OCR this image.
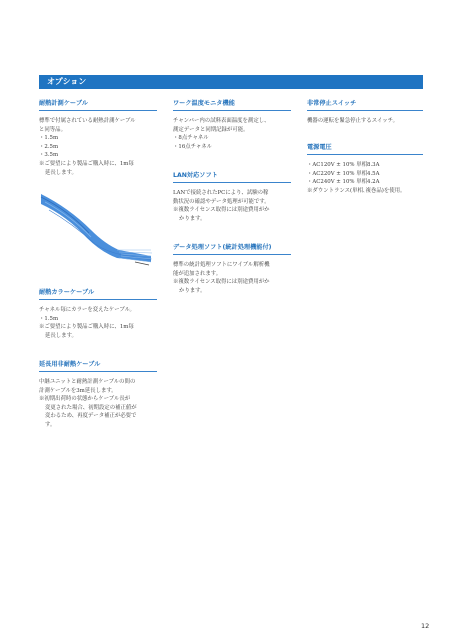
オプション
耐熱計測ケーブル
標準で付属されている耐熱計測ケーブル
と同等品。
・1.5m
・2.5m
・3.5m
※ご要望により製品ご購入時に、1m毎
延長します。
耐熱カラーケーブル
チャネル毎にカラーを変えたケーブル。
・1.5m
※ご要望により製品ご購入時に、1m毎
延長します。
延長用非耐熱ケーブル
中継ユニットと耐熱計測ケーブルの間の
計測ケーブルを3m延長します。
※初期出荷時の状態からケーブル長が
変更された場合、初期設定の補正値が
変わるため、再度データ補正が必要で
す。
ワーク温度モニタ機能
チャンバー内の試料表面温度を測定し、
測定データと同期記録が可能。
・8点チャネル
・16点チャネル
LAN対応ソフト
LANで接続されたPCにより、試験の稼
動状況の確認やデータ処理が可能です。
※複数ライセンス取得には別途費用がか
かります。
データ処理ソフト(統計処理機能付)
標準の統計処理ソフトにワイブル解析機
能が追加されます。
※複数ライセンス取得には別途費用がか
かります。
非常停止スイッチ
機器の運転を緊急停止するスイッチ。
電源電圧
・AC120V ± 10% 単相8.3A
・AC220V ± 10% 単相4.5A
・AC240V ± 10% 単相4.2A
※ダウントランス(単相､複巻品)を使用。
12
